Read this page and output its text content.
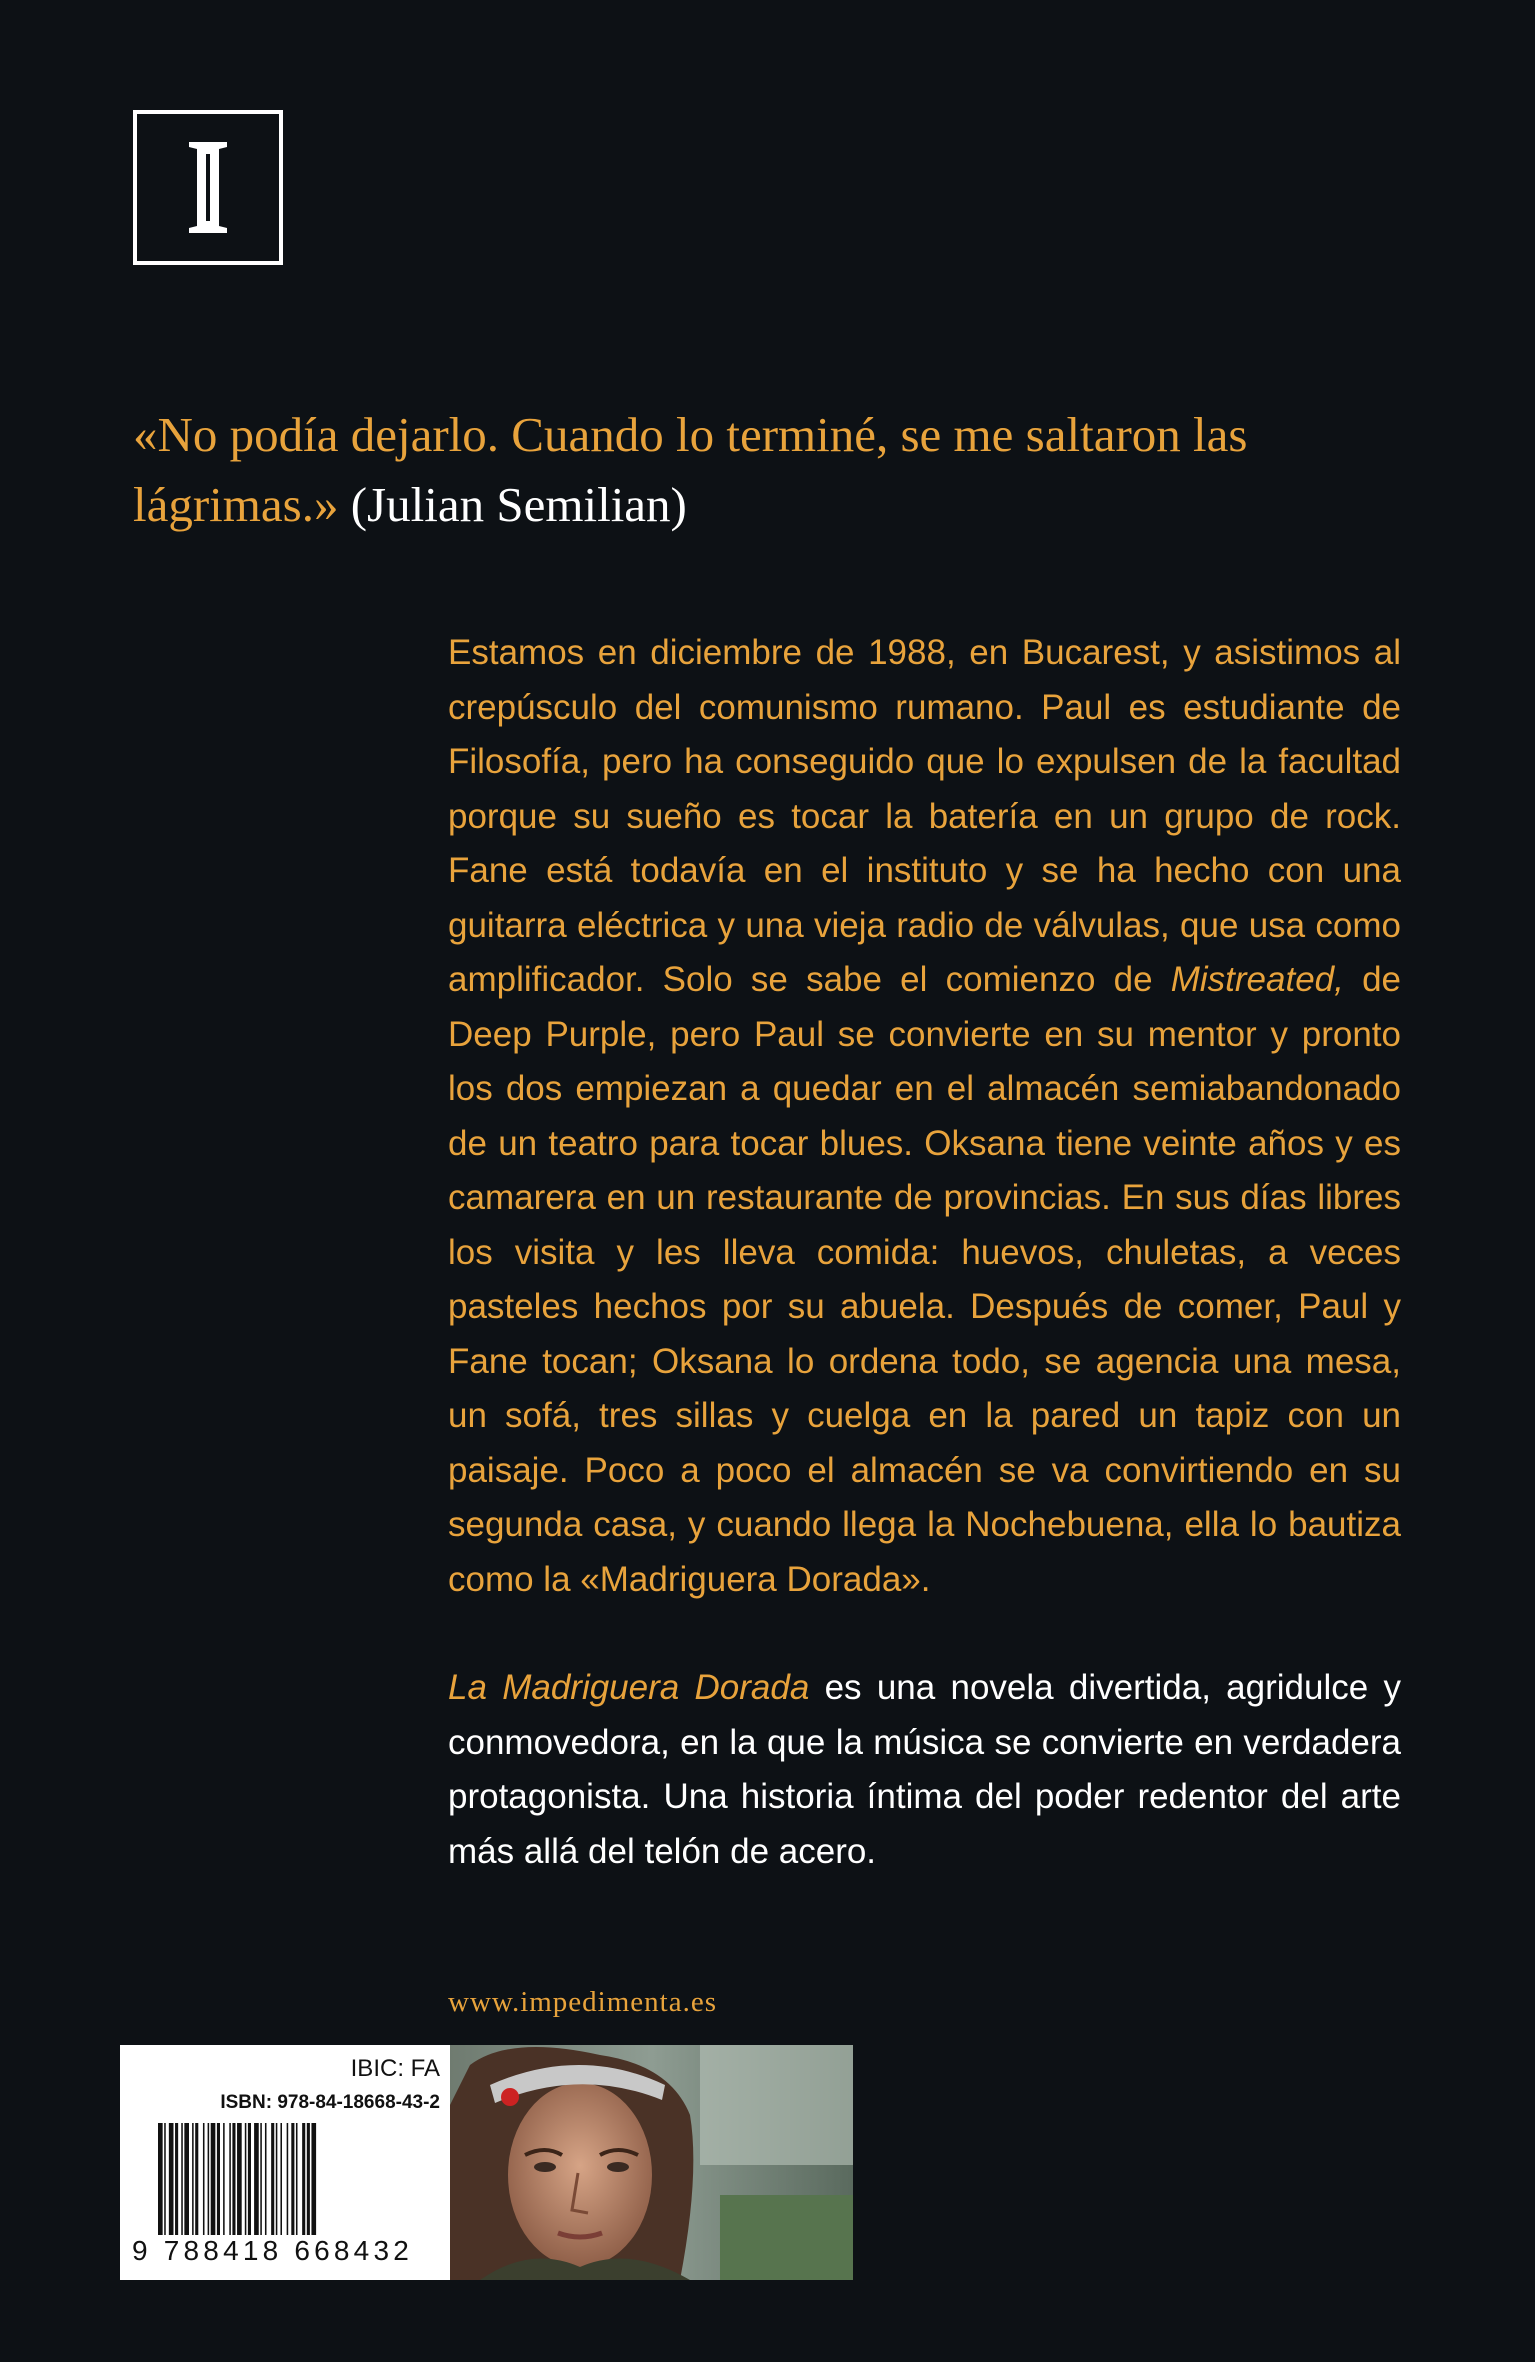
«No podía dejarlo. Cuando lo terminé, se me saltaron las lágrimas.» (Julian Semilian)

Estamos en diciembre de 1988, en Bucarest, y asistimos al crepúsculo del comunismo rumano. Paul es estudiante de Filosofía, pero ha conseguido que lo expulsen de la facultad porque su sueño es tocar la batería en un grupo de rock. Fane está todavía en el instituto y se ha hecho con una guitarra eléctrica y una vieja radio de válvulas, que usa como amplificador. Solo se sabe el comienzo de Mistreated, de Deep Purple, pero Paul se convierte en su mentor y pronto los dos empiezan a quedar en el almacén semiabandonado de un teatro para tocar blues. Oksana tiene veinte años y es camarera en un restaurante de provincias. En sus días libres los visita y les lleva comida: huevos, chuletas, a veces pasteles hechos por su abuela. Después de comer, Paul y Fane tocan; Oksana lo ordena todo, se agencia una mesa, un sofá, tres sillas y cuelga en la pared un tapiz con un paisaje. Poco a poco el almacén se va convirtiendo en su segunda casa, y cuando llega la Nochebuena, ella lo bautiza como la «Madriguera Dorada».

La Madriguera Dorada es una novela divertida, agridulce y conmovedora, en la que la música se convierte en verdadera protagonista. Una historia íntima del poder redentor del arte más allá del telón de acero.

www.impedimenta.es
IBIC: FA
ISBN: 978-84-18668-43-2
9 788418 668432
